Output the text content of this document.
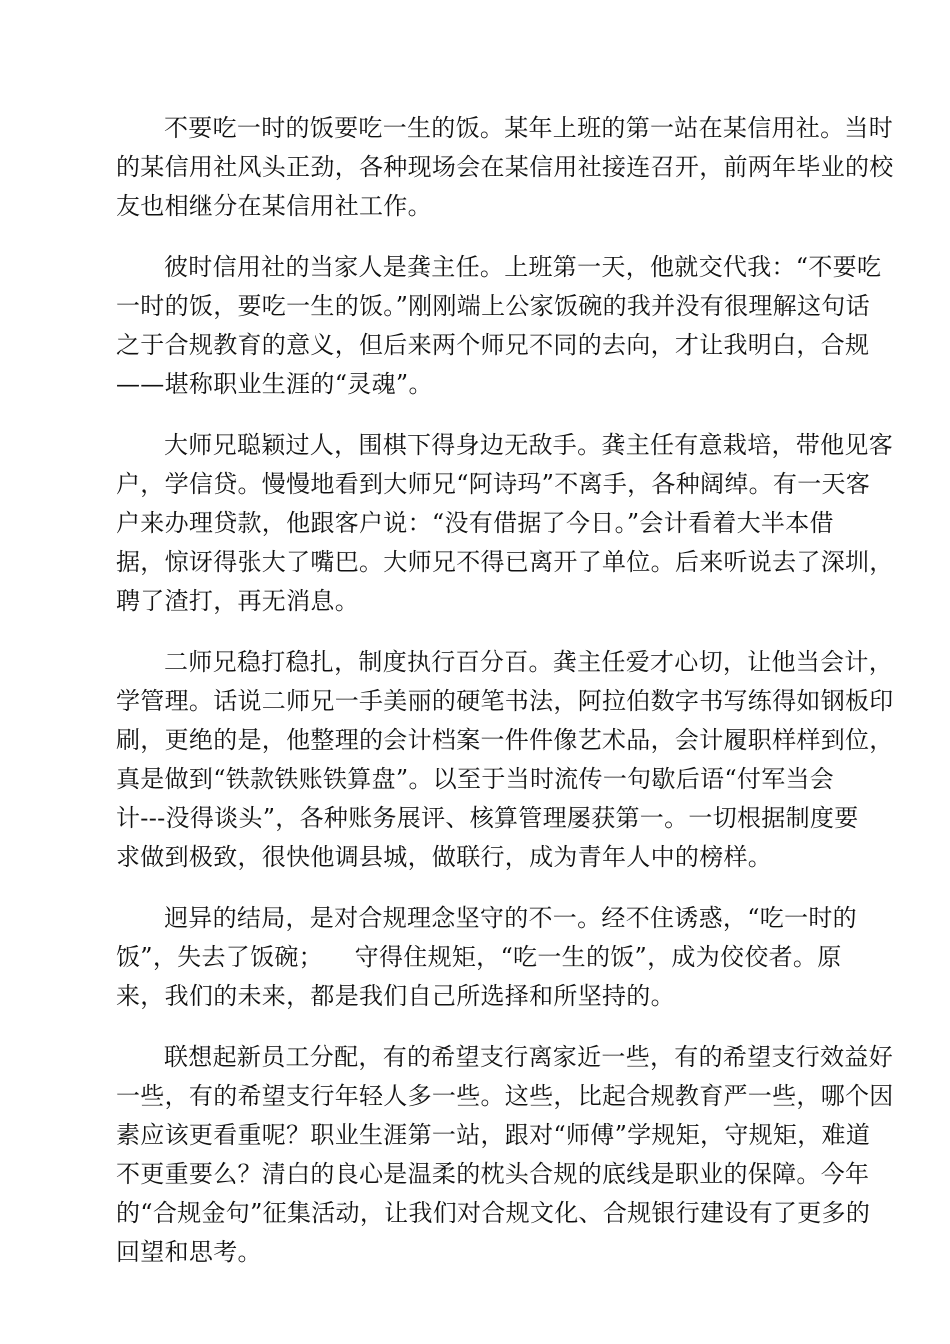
不要吃一时的饭要吃一生的饭。某年上班的第一站在某信用社。当时
的某信用社风头正劲，各种现场会在某信用社接连召开，前两年毕业的校
友也相继分在某信用社工作。

彼时信用社的当家人是龚主任。上班第一天，他就交代我：“不要吃
一时的饭，要吃一生的饭。”刚刚端上公家饭碗的我并没有很理解这句话
之于合规教育的意义，但后来两个师兄不同的去向，才让我明白，合规
——堪称职业生涯的“灵魂”。

大师兄聪颖过人，围棋下得身边无敌手。龚主任有意栽培，带他见客
户，学信贷。慢慢地看到大师兄“阿诗玛”不离手，各种阔绰。有一天客
户来办理贷款，他跟客户说：“没有借据了今日。”会计看着大半本借
据，惊讶得张大了嘴巴。大师兄不得已离开了单位。后来听说去了深圳，
聘了渣打，再无消息。

二师兄稳打稳扎，制度执行百分百。龚主任爱才心切，让他当会计，
学管理。话说二师兄一手美丽的硬笔书法，阿拉伯数字书写练得如钢板印
刷，更绝的是，他整理的会计档案一件件像艺术品，会计履职样样到位，
真是做到“铁款铁账铁算盘”。以至于当时流传一句歇后语“付军当会
计---没得谈头”，各种账务展评、核算管理屡获第一。一切根据制度要
求做到极致，很快他调县城，做联行，成为青年人中的榜样。

迥异的结局，是对合规理念坚守的不一。经不住诱惑，“吃一时的
饭”，失去了饭碗；    守得住规矩，“吃一生的饭”，成为佼佼者。原
来，我们的未来，都是我们自己所选择和所坚持的。

联想起新员工分配，有的希望支行离家近一些，有的希望支行效益好
一些，有的希望支行年轻人多一些。这些，比起合规教育严一些，哪个因
素应该更看重呢？职业生涯第一站，跟对“师傅”学规矩，守规矩，难道
不更重要么？清白的良心是温柔的枕头合规的底线是职业的保障。今年
的“合规金句”征集活动，让我们对合规文化、合规银行建设有了更多的
回望和思考。
